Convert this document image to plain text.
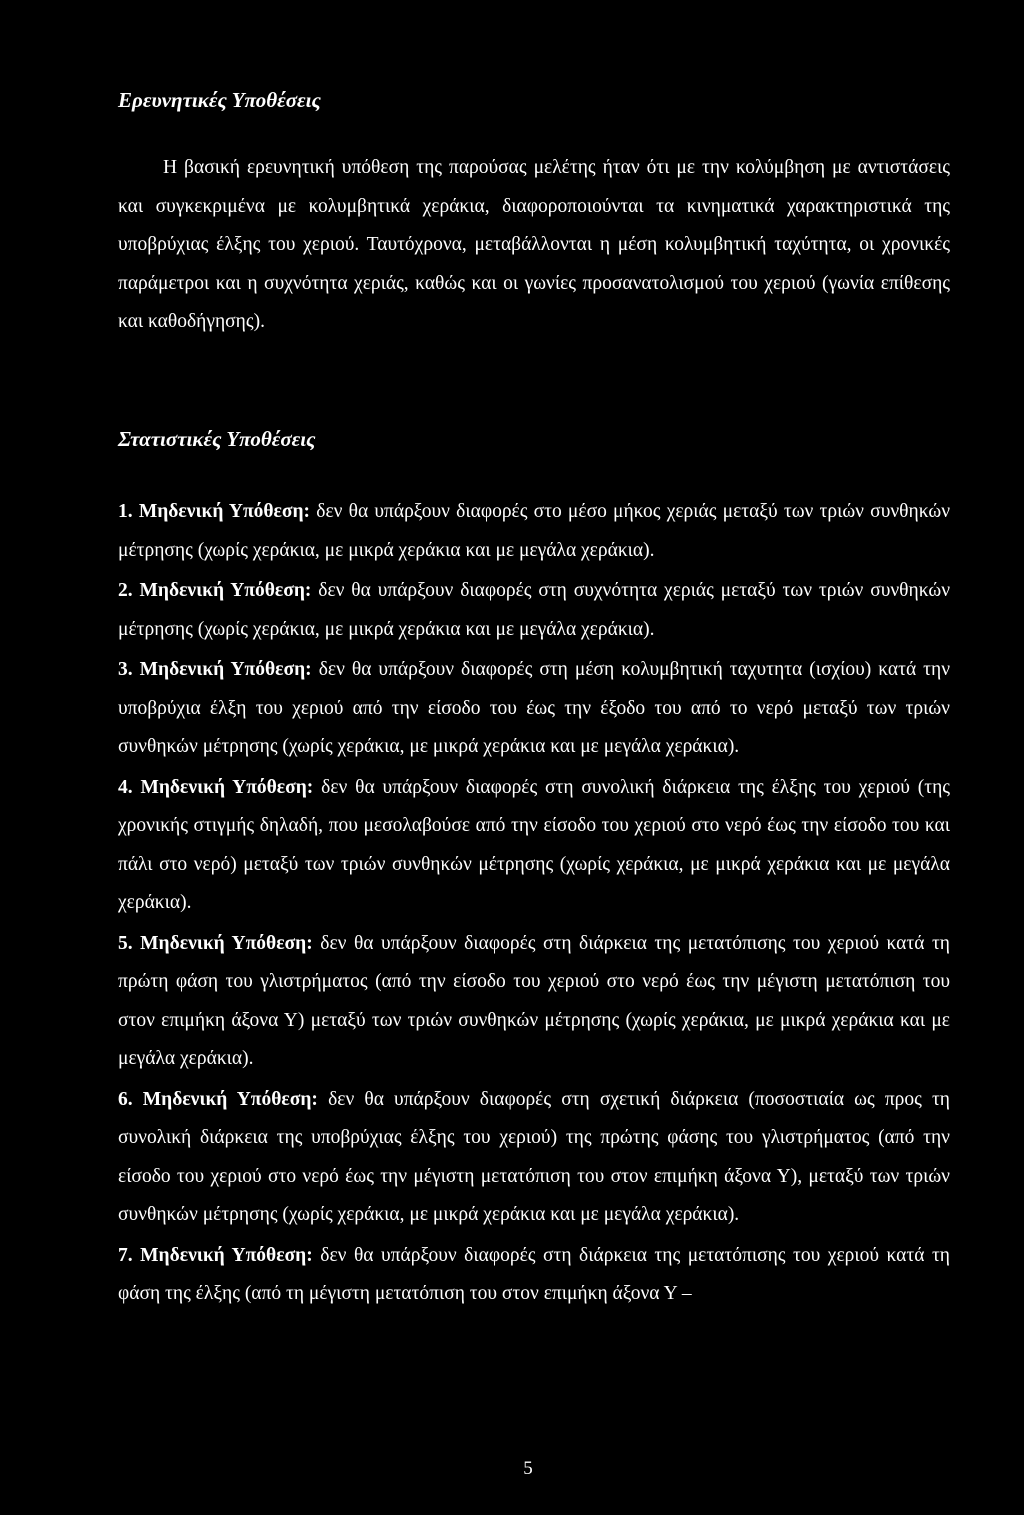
Ερευνητικές Υποθέσεις

Η βασική ερευνητική υπόθεση της παρούσας μελέτης ήταν ότι με την κολύμβηση με αντιστάσεις και συγκεκριμένα με κολυμβητικά χεράκια, διαφοροποιούνται τα κινηματικά χαρακτηριστικά της υποβρύχιας έλξης του χεριού. Ταυτόχρονα, μεταβάλλονται η μέση κολυμβητική ταχύτητα, οι χρονικές παράμετροι και η συχνότητα χεριάς, καθώς και οι γωνίες προσανατολισμού του χεριού (γωνία επίθεσης και καθοδήγησης).

Στατιστικές Υποθέσεις
1. Μηδενική Υπόθεση: δεν θα υπάρξουν διαφορές στο μέσο μήκος χεριάς μεταξύ των τριών συνθηκών μέτρησης (χωρίς χεράκια, με μικρά χεράκια και με μεγάλα χεράκια).
2. Μηδενική Υπόθεση: δεν θα υπάρξουν διαφορές στη συχνότητα χεριάς μεταξύ των τριών συνθηκών μέτρησης (χωρίς χεράκια, με μικρά χεράκια και με μεγάλα χεράκια).
3. Μηδενική Υπόθεση: δεν θα υπάρξουν διαφορές στη μέση κολυμβητική ταχυτητα (ισχίου) κατά την υποβρύχια έλξη του χεριού από την είσοδο του έως την έξοδο του από το νερό μεταξύ των τριών συνθηκών μέτρησης (χωρίς χεράκια, με μικρά χεράκια και με μεγάλα χεράκια).
4. Μηδενική Υπόθεση: δεν θα υπάρξουν διαφορές στη συνολική διάρκεια της έλξης του χεριού (της χρονικής στιγμής δηλαδή, που μεσολαβούσε από την είσοδο του χεριού στο νερό έως την είσοδο του και πάλι στο νερό) μεταξύ των τριών συνθηκών μέτρησης (χωρίς χεράκια, με μικρά χεράκια και με μεγάλα χεράκια).
5. Μηδενική Υπόθεση: δεν θα υπάρξουν διαφορές στη διάρκεια της μετατόπισης του χεριού κατά τη πρώτη φάση του γλιστρήματος (από την είσοδο του χεριού στο νερό έως την μέγιστη μετατόπιση του στον επιμήκη άξονα Υ) μεταξύ των τριών συνθηκών μέτρησης (χωρίς χεράκια, με μικρά χεράκια και με μεγάλα χεράκια).
6. Μηδενική Υπόθεση: δεν θα υπάρξουν διαφορές στη σχετική διάρκεια (ποσοστιαία ως προς τη συνολική διάρκεια της υποβρύχιας έλξης του χεριού) της πρώτης φάσης του γλιστρήματος (από την είσοδο του χεριού στο νερό έως την μέγιστη μετατόπιση του στον επιμήκη άξονα Υ), μεταξύ των τριών συνθηκών μέτρησης (χωρίς χεράκια, με μικρά χεράκια και με μεγάλα χεράκια).
7. Μηδενική Υπόθεση: δεν θα υπάρξουν διαφορές στη διάρκεια της μετατόπισης του χεριού κατά τη φάση της έλξης (από τη μέγιστη μετατόπιση του στον επιμήκη άξονα Υ –
5
